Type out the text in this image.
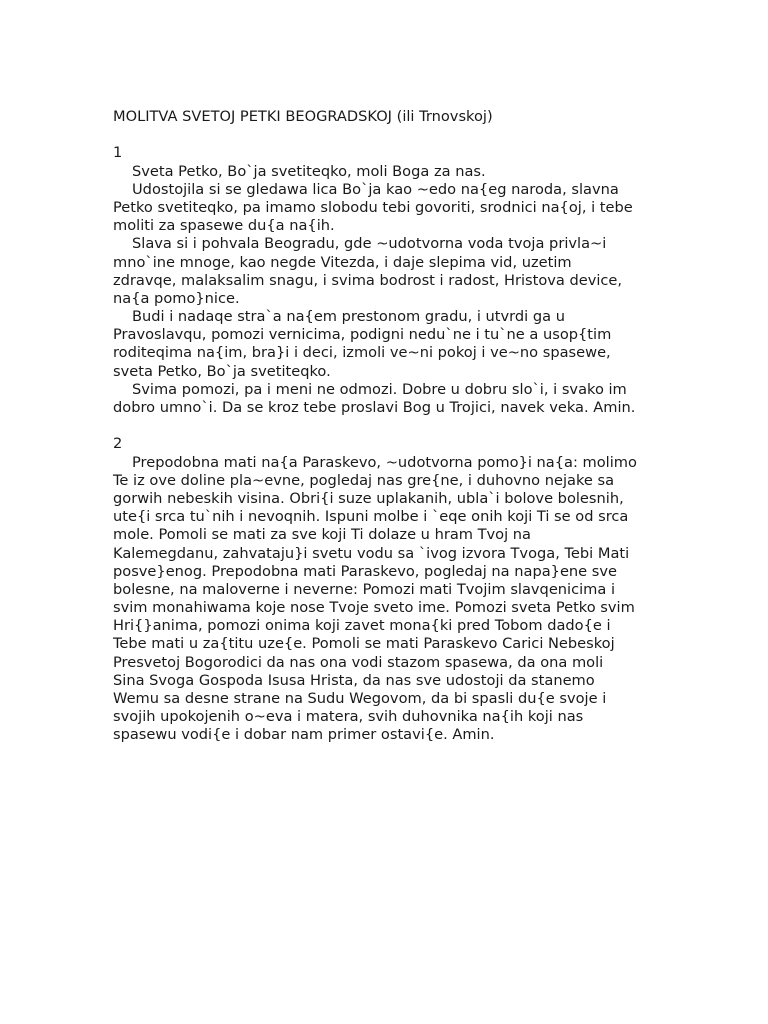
MOLITVA SVETOJ PETKI BEOGRADSKOJ (ili Trnovskoj)
1
Sveta Petko, Bo`ja svetiteqko, moli Boga za nas.
Udostojila si se gledawa lica Bo`ja kao ~edo na{eg naroda, slavna
Petko svetiteqko, pa imamo slobodu tebi govoriti, srodnici na{oj, i tebe
moliti za spasewe du{a na{ih.
Slava si i pohvala Beogradu, gde ~udotvorna voda tvoja privla~i
mno`ine mnoge, kao negde Vitezda, i daje slepima vid, uzetim
zdravqe, malaksalim snagu, i svima bodrost i radost, Hristova device,
na{a pomo}nice.
Budi i nadaqe stra`a na{em prestonom gradu, i utvrdi ga u
Pravoslavqu, pomozi vernicima, podigni nedu`ne i tu`ne a usop{tim
roditeqima na{im, bra}i i deci, izmoli ve~ni pokoj i ve~no spasewe,
sveta Petko, Bo`ja svetiteqko.
Svima pomozi, pa i meni ne odmozi. Dobre u dobru slo`i, i svako im
dobro umno`i. Da se kroz tebe proslavi Bog u Trojici, navek veka. Amin.
2
Prepodobna mati na{a Paraskevo, ~udotvorna pomo}i na{a: molimo
Te iz ove doline pla~evne, pogledaj nas gre{ne, i duhovno nejake sa
gorwih nebeskih visina. Obri{i suze uplakanih, ubla`i bolove bolesnih,
ute{i srca tu`nih i nevoqnih. Ispuni molbe i `eqe onih koji Ti se od srca
mole. Pomoli se mati za sve koji Ti dolaze u hram Tvoj na
Kalemegdanu, zahvataju}i svetu vodu sa `ivog izvora Tvoga, Tebi Mati
posve}enog. Prepodobna mati Paraskevo, pogledaj na napa}ene sve
bolesne, na maloverne i neverne: Pomozi mati Tvojim slavqenicima i
svim monahiwama koje nose Tvoje sveto ime. Pomozi sveta Petko svim
Hri{}anima, pomozi onima koji zavet mona{ki pred Tobom dado{e i
Tebe mati u za{titu uze{e. Pomoli se mati Paraskevo Carici Nebeskoj
Presvetoj Bogorodici da nas ona vodi stazom spasewa, da ona moli
Sina Svoga Gospoda Isusa Hrista, da nas sve udostoji da stanemo
Wemu sa desne strane na Sudu Wegovom, da bi spasli du{e svoje i
svojih upokojenih o~eva i matera, svih duhovnika na{ih koji nas
spasewu vodi{e i dobar nam primer ostavi{e. Amin.
